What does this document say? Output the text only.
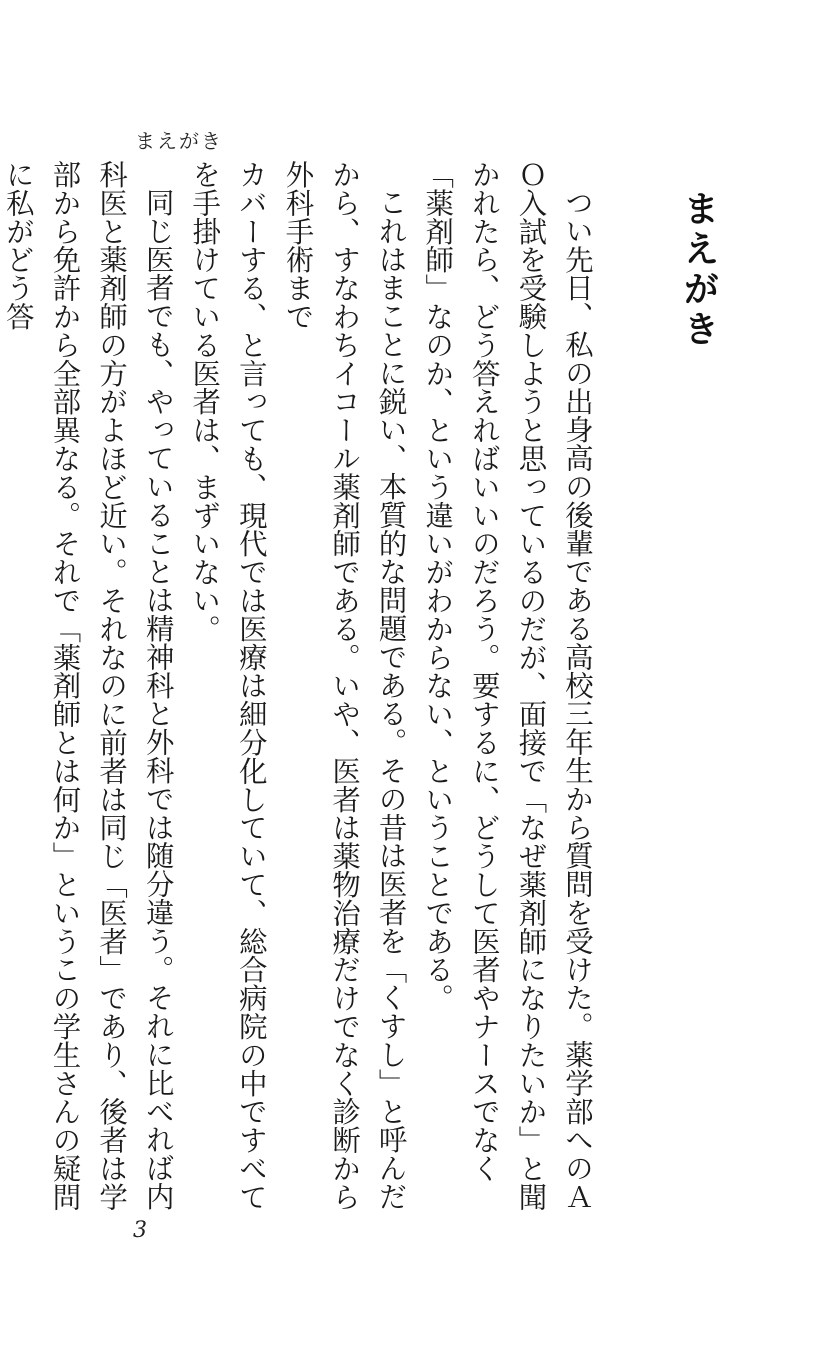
まえがき
まえがき

つい先日、私の出身高の後輩である高校三年生から質問を受けた。薬学部へのＡＯ入試を受験しようと思っているのだが、面接で「なぜ薬剤師になりたいか」と聞かれたら、どう答えればいいのだろう。要するに、どうして医者やナースでなく「薬剤師」なのか、という違いがわからない、ということである。

これはまことに鋭い、本質的な問題である。その昔は医者を「くすし」と呼んだから、すなわちイコール薬剤師である。いや、医者は薬物治療だけでなく診断から外科手術まで

カバーする、と言っても、現代では医療は細分化していて、総合病院の中ですべてを手掛けている医者は、まずいない。

同じ医者でも、やっていることは精神科と外科では随分違う。それに比べれば内科医と薬剤師の方がよほど近い。それなのに前者は同じ「医者」であり、後者は学部から免許から全部異なる。それで「薬剤師とは何か」というこの学生さんの疑問に私がどう答

3
